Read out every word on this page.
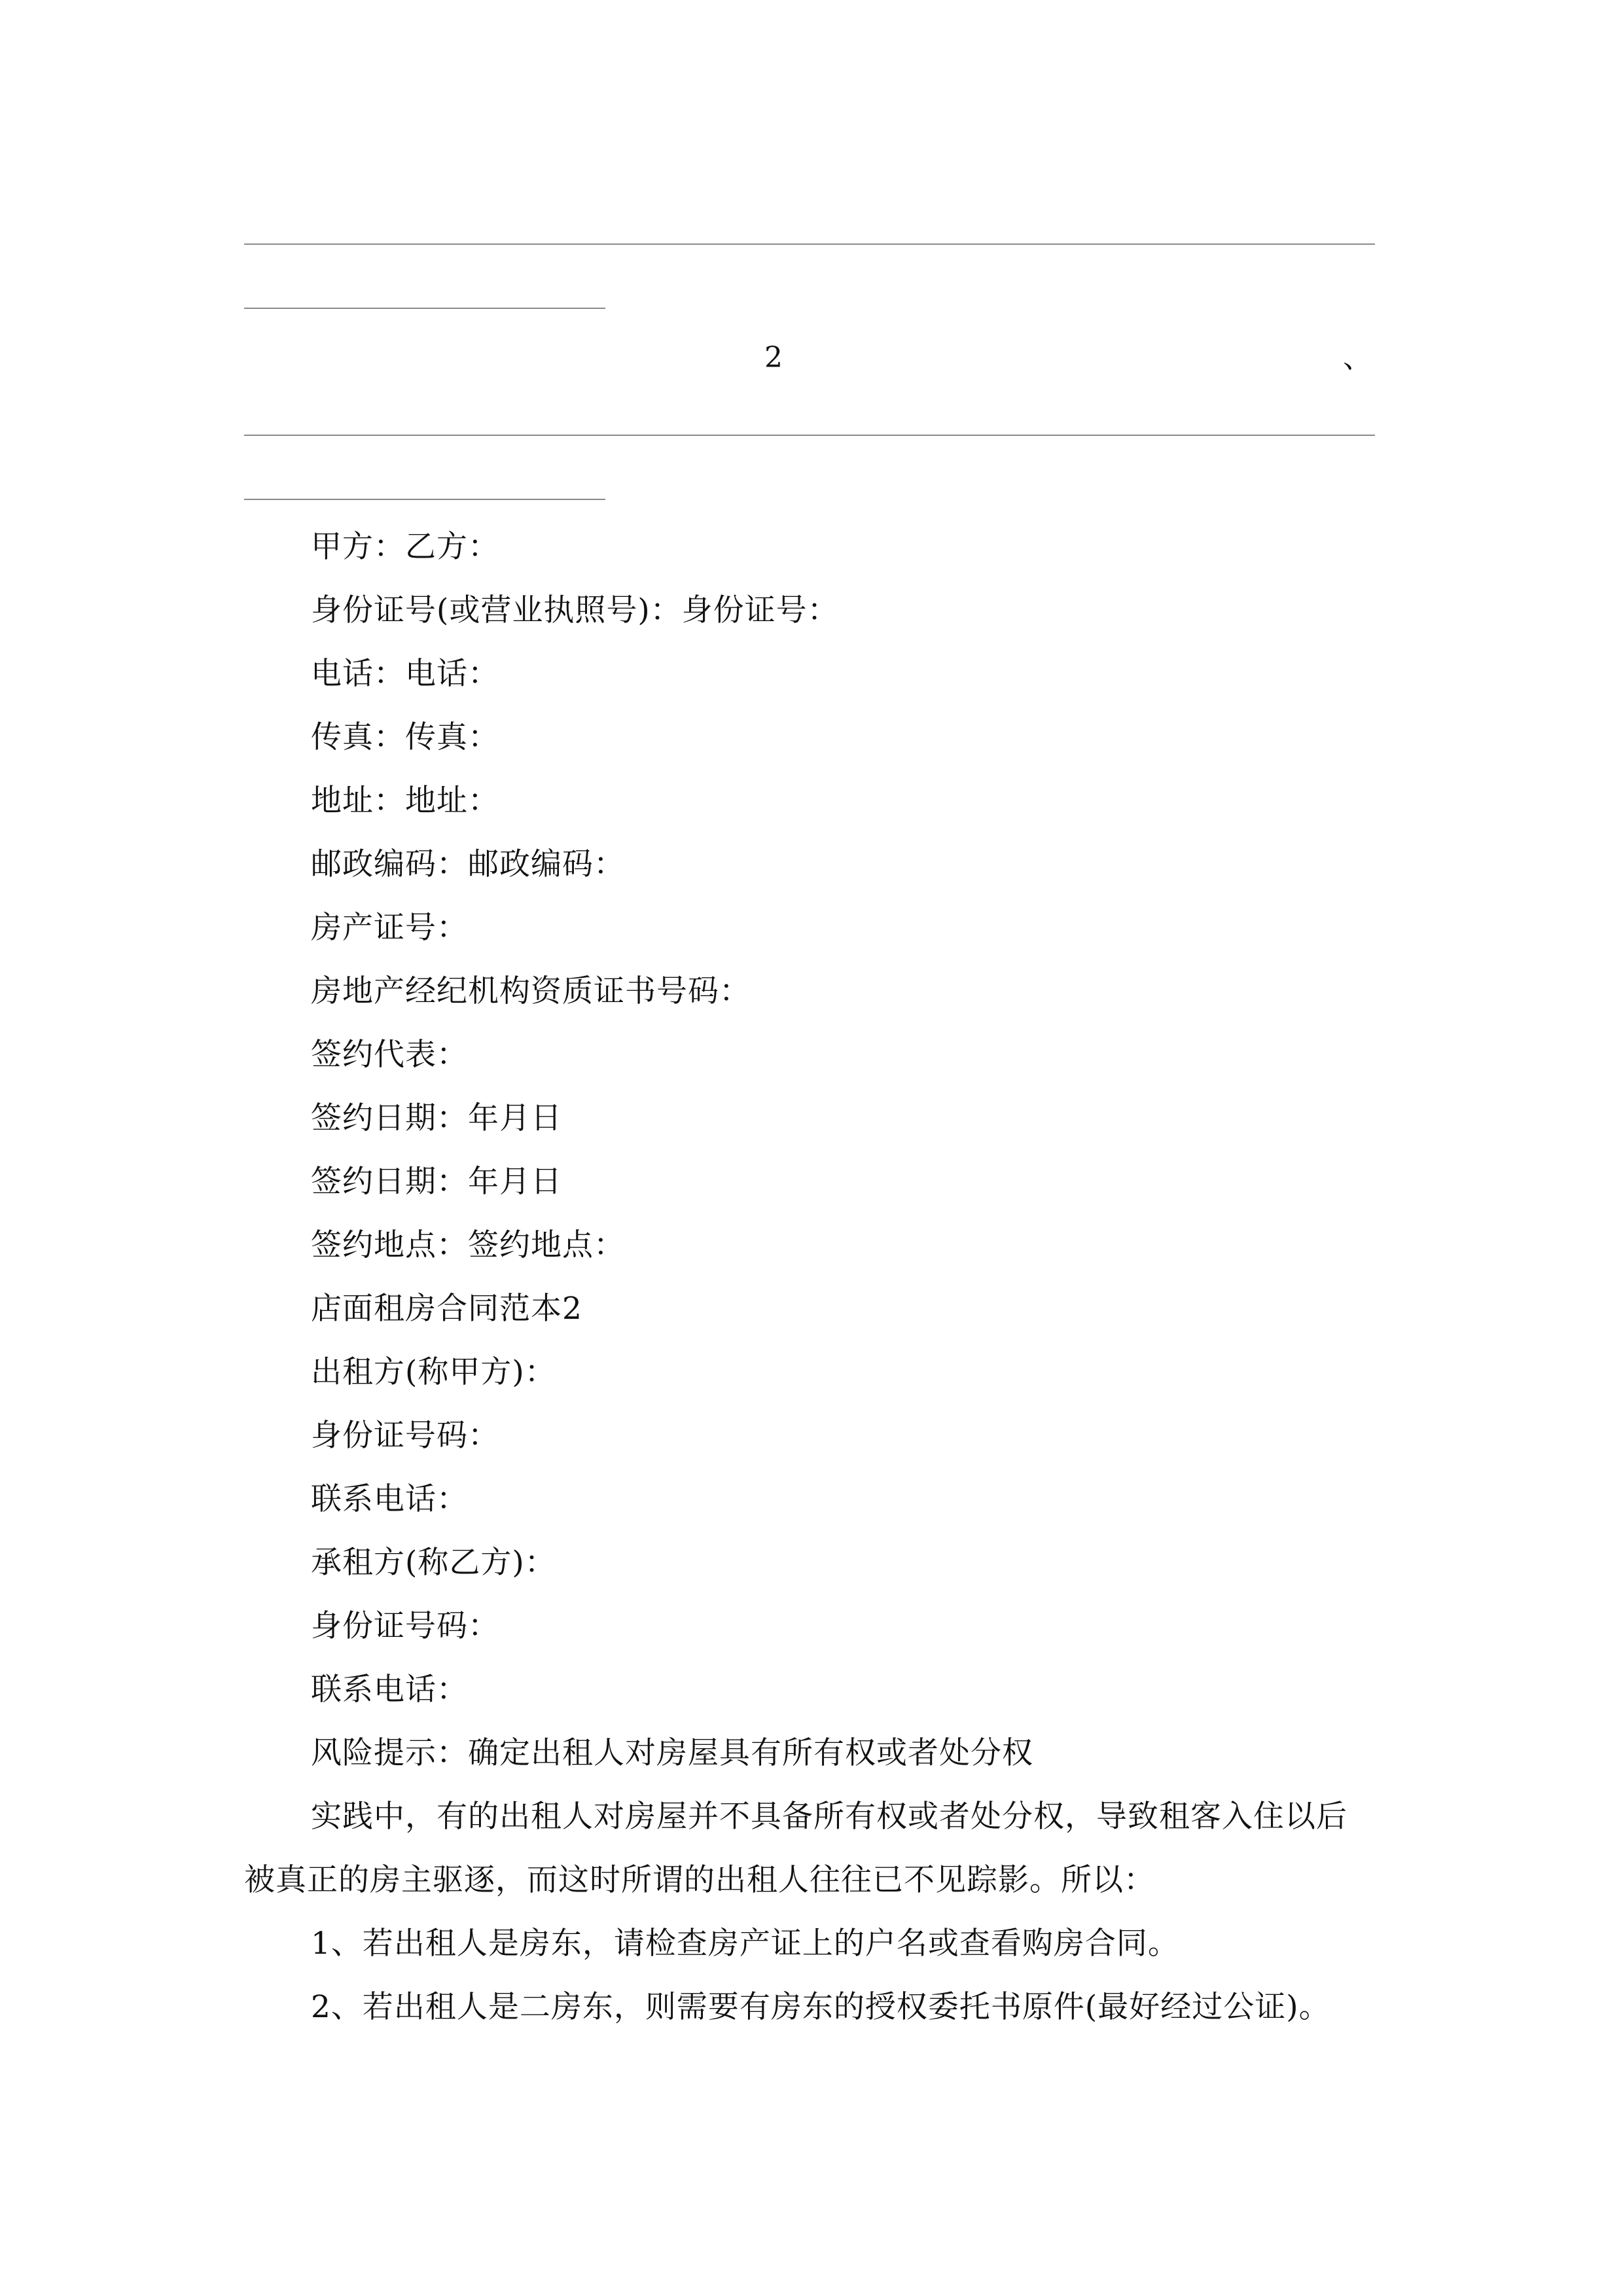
2	、
甲方：乙方：
身份证号(或营业执照号)：身份证号：
电话：电话：
传真：传真：
地址：地址：
邮政编码：邮政编码：
房产证号：
房地产经纪机构资质证书号码：
签约代表：
签约日期：年月日
签约日期：年月日
签约地点：签约地点：
店面租房合同范本2
出租方(称甲方)：
身份证号码：
联系电话：
承租方(称乙方)：
身份证号码：
联系电话：
风险提示：确定出租人对房屋具有所有权或者处分权
实践中，有的出租人对房屋并不具备所有权或者处分权，导致租客入住以后
被真正的房主驱逐，而这时所谓的出租人往往已不见踪影。所以：
1、若出租人是房东，请检查房产证上的户名或查看购房合同。
2、若出租人是二房东，则需要有房东的授权委托书原件(最好经过公证)。
